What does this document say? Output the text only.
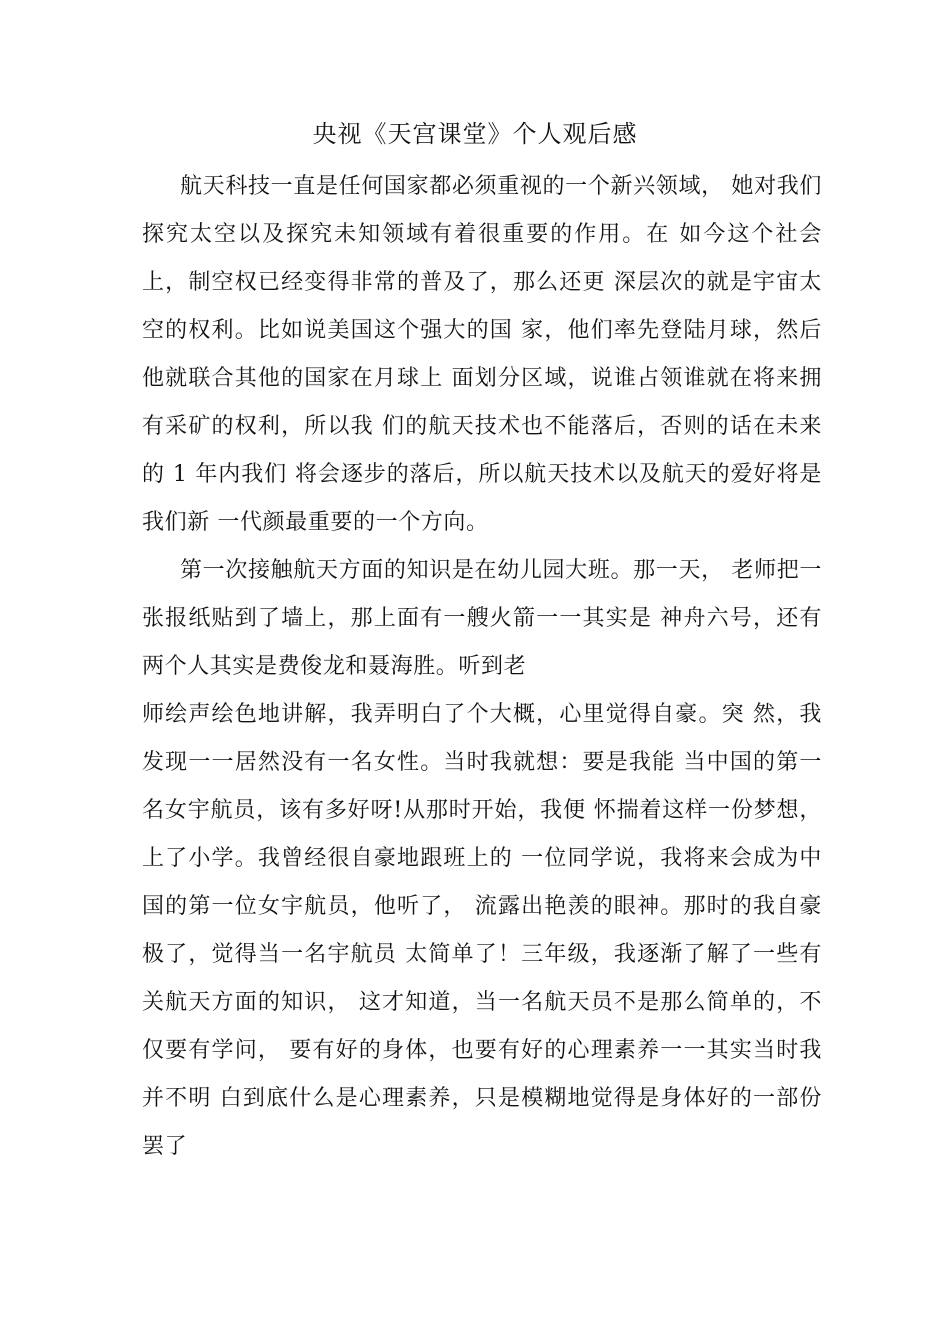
央视《天宫课堂》个人观后感
航天科技一直是任何国家都必须重视的一个新兴领域， 她对我们
探究太空以及探究未知领域有着很重要的作用。在 如今这个社会
上，制空权已经变得非常的普及了，那么还更 深层次的就是宇宙太
空的权利。比如说美国这个强大的国 家，他们率先登陆月球，然后
他就联合其他的国家在月球上 面划分区域，说谁占领谁就在将来拥
有采矿的权利，所以我 们的航天技术也不能落后，否则的话在未来
的 1 年内我们 将会逐步的落后，所以航天技术以及航天的爱好将是
我们新 一代颜最重要的一个方向。
第一次接触航天方面的知识是在幼儿园大班。那一天， 老师把一
张报纸贴到了墙上，那上面有一艘火箭一一其实是 神舟六号，还有
两个人其实是费俊龙和聂海胜。听到老
师绘声绘色地讲解，我弄明白了个大概，心里觉得自豪。突 然，我
发现一一居然没有一名女性。当时我就想：要是我能 当中国的第一
名女宇航员，该有多好呀!从那时开始，我便 怀揣着这样一份梦想，
上了小学。我曾经很自豪地跟班上的 一位同学说，我将来会成为中
国的第一位女宇航员，他听了， 流露出艳羡的眼神。那时的我自豪
极了，觉得当一名宇航员 太简单了！三年级，我逐渐了解了一些有
关航天方面的知识， 这才知道，当一名航天员不是那么简单的，不
仅要有学问， 要有好的身体，也要有好的心理素养一一其实当时我
并不明 白到底什么是心理素养，只是模糊地觉得是身体好的一部份
罢了
